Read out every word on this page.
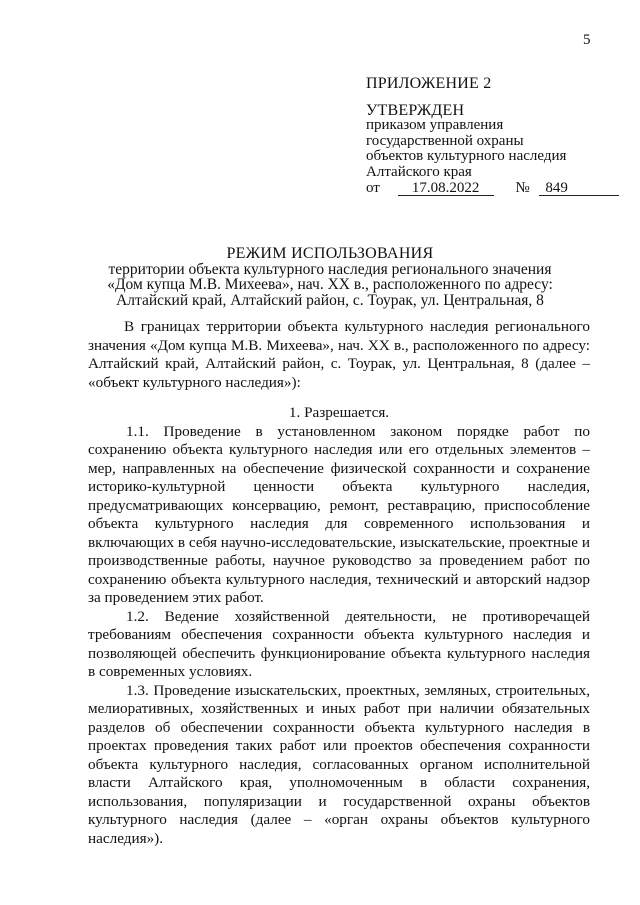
5
ПРИЛОЖЕНИЕ 2
УТВЕРЖДЕН
приказом управления
государственной охраны
объектов культурного наследия
Алтайского края
от 17.08.2022 № 849
РЕЖИМ ИСПОЛЬЗОВАНИЯ
территории объекта культурного наследия регионального значения
«Дом купца М.В. Михеева», нач. XX в., расположенного по адресу:
Алтайский край, Алтайский район, с. Тоурак, ул. Центральная, 8

В границах территории объекта культурного наследия регионального значения «Дом купца М.В. Михеева», нач. XX в., расположенного по адресу: Алтайский край, Алтайский район, с. Тоурак, ул. Центральная, 8 (далее – «объект культурного наследия»):

1. Разрешается.

1.1. Проведение в установленном законом порядке работ по сохранению объекта культурного наследия или его отдельных элементов – мер, направленных на обеспечение физической сохранности и сохранение историко-культурной ценности объекта культурного наследия, предусматривающих консервацию, ремонт, реставрацию, приспособление объекта культурного наследия для современного использования и включающих в себя научно-исследовательские, изыскательские, проектные и производственные работы, научное руководство за проведением работ по сохранению объекта культурного наследия, технический и авторский надзор за проведением этих работ.

1.2. Ведение хозяйственной деятельности, не противоречащей требованиям обеспечения сохранности объекта культурного наследия и позволяющей обеспечить функционирование объекта культурного наследия в современных условиях.

1.3. Проведение изыскательских, проектных, земляных, строительных, мелиоративных, хозяйственных и иных работ при наличии обязательных разделов об обеспечении сохранности объекта культурного наследия в проектах проведения таких работ или проектов обеспечения сохранности объекта культурного наследия, согласованных органом исполнительной власти Алтайского края, уполномоченным в области сохранения, использования, популяризации и государственной охраны объектов культурного наследия (далее – «орган охраны объектов культурного наследия»).
